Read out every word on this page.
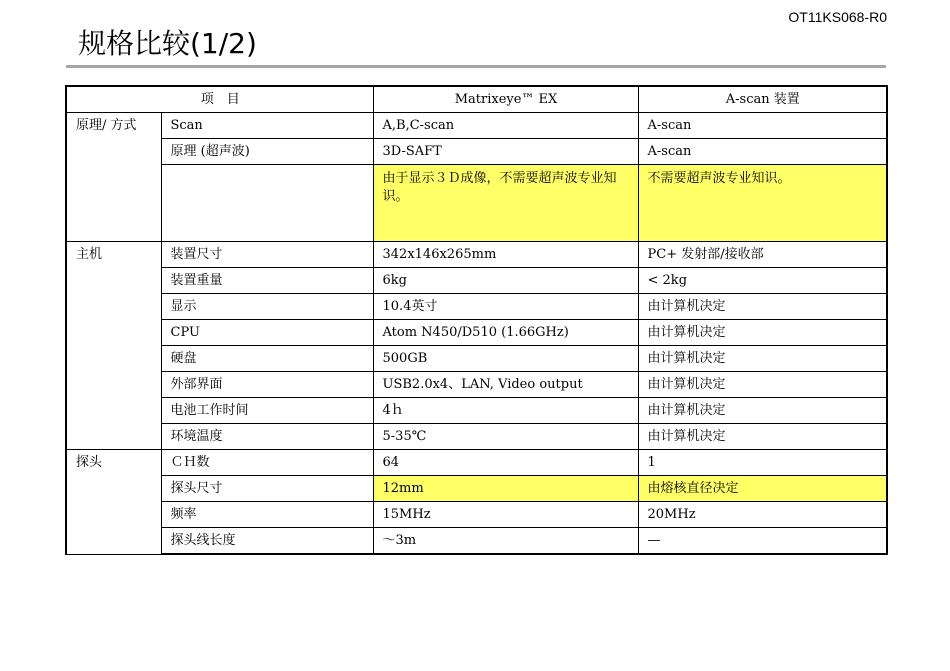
OT11KS068-R0
规格比较(1/2)
项　目		Matrixeye™ EX	A-scan 装置
原理/ 方式	Scan	A,B,C-scan	A-scan
	原理 (超声波)	3D-SAFT	A-scan
		由于显示３Ｄ成像，不需要超声波专业知识。	不需要超声波专业知识。
主机	装置尺寸	342x146x265mm	PC+ 发射部/接收部
	装置重量	6kg	< 2kg
	显示	10.4英寸	由计算机决定
	CPU	Atom N450/D510 (1.66GHz)	由计算机决定
	硬盘	500GB	由计算机决定
	外部界面	USB2.0x4、LAN, Video output	由计算机决定
	电池工作时间	4ｈ	由计算机决定
	环境温度	5-35℃	由计算机决定
探头	ＣＨ数	64	1
	探头尺寸	12mm	由熔核直径决定
	频率	15MHz	20MHz
	探头线长度	～3m	—
